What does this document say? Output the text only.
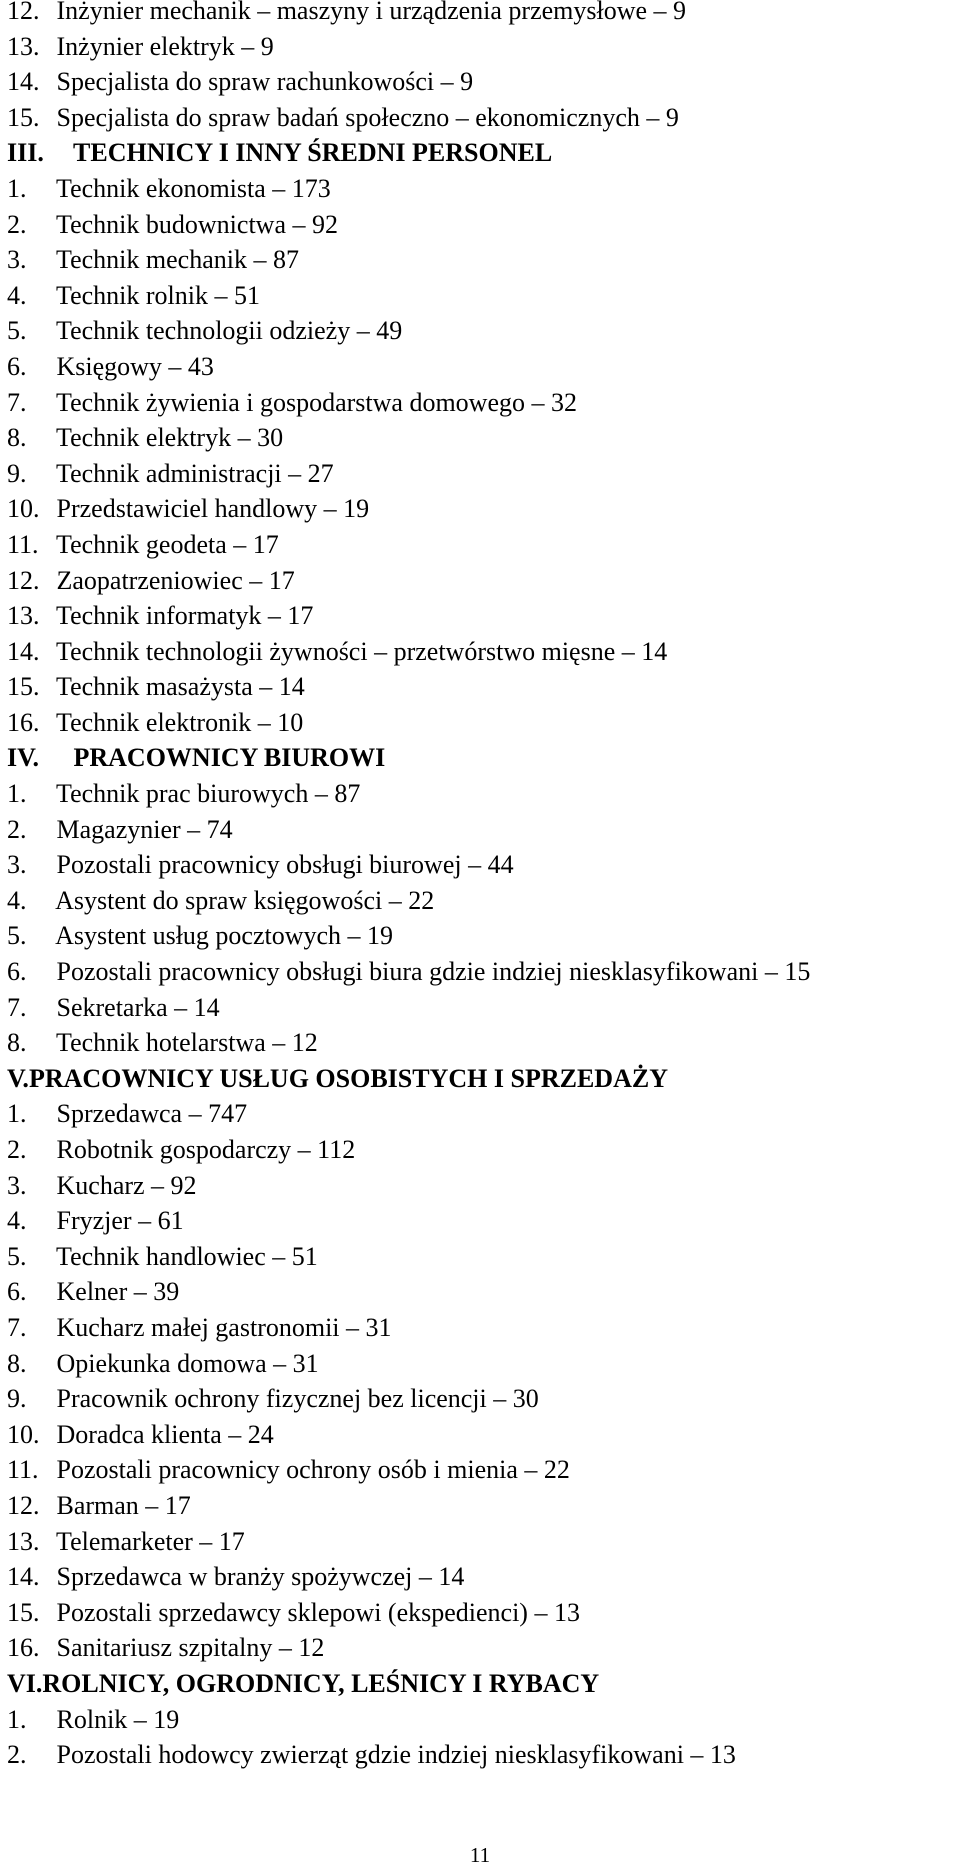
12. Inżynier mechanik – maszyny i urządzenia przemysłowe – 9
13. Inżynier elektryk – 9
14. Specjalista do spraw rachunkowości – 9
15. Specjalista do spraw badań społeczno – ekonomicznych – 9
III. TECHNICY I INNY ŚREDNI PERSONEL
1. Technik ekonomista – 173
2. Technik budownictwa – 92
3. Technik mechanik – 87
4. Technik rolnik – 51
5. Technik technologii odzieży – 49
6. Księgowy – 43
7. Technik żywienia i gospodarstwa domowego – 32
8. Technik elektryk – 30
9. Technik administracji – 27
10. Przedstawiciel handlowy – 19
11. Technik geodeta – 17
12. Zaopatrzeniowiec – 17
13. Technik informatyk – 17
14. Technik technologii żywności – przetwórstwo mięsne – 14
15. Technik masażysta – 14
16. Technik elektronik – 10
IV. PRACOWNICY BIUROWI
1. Technik prac biurowych – 87
2. Magazynier – 74
3. Pozostali pracownicy obsługi biurowej – 44
4. Asystent do spraw księgowości – 22
5. Asystent usług pocztowych – 19
6. Pozostali pracownicy obsługi biura gdzie indziej niesklasyfikowani – 15
7. Sekretarka – 14
8. Technik hotelarstwa – 12
V.PRACOWNICY USŁUG OSOBISTYCH I SPRZEDAŻY
1. Sprzedawca – 747
2. Robotnik gospodarczy – 112
3. Kucharz – 92
4. Fryzjer – 61
5. Technik handlowiec – 51
6. Kelner – 39
7. Kucharz małej gastronomii – 31
8. Opiekunka domowa – 31
9. Pracownik ochrony fizycznej bez licencji – 30
10. Doradca klienta – 24
11. Pozostali pracownicy ochrony osób i mienia – 22
12. Barman – 17
13. Telemarketer – 17
14. Sprzedawca w branży spożywczej – 14
15. Pozostali sprzedawcy sklepowi (ekspedienci) – 13
16. Sanitariusz szpitalny – 12
VI.ROLNICY, OGRODNICY, LEŚNICY I RYBACY
1. Rolnik – 19
2. Pozostali hodowcy zwierząt gdzie indziej niesklasyfikowani – 13
11
